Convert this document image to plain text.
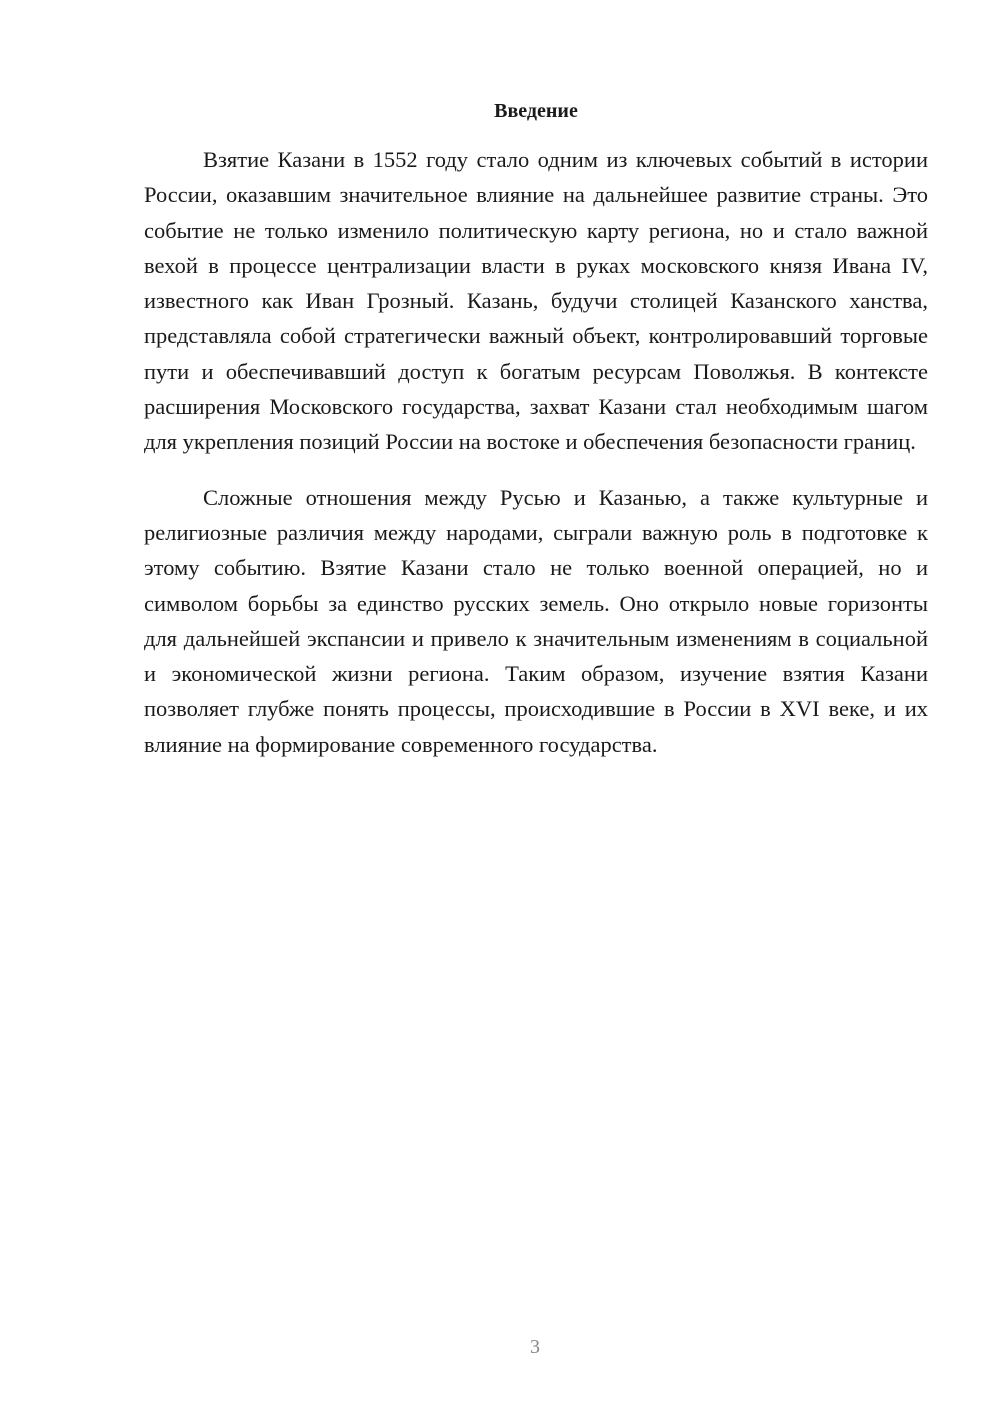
Введение

Взятие Казани в 1552 году стало одним из ключевых событий в истории России, оказавшим значительное влияние на дальнейшее развитие страны. Это событие не только изменило политическую карту региона, но и стало важной вехой в процессе централизации власти в руках московского князя Ивана IV, известного как Иван Грозный. Казань, будучи столицей Казанского ханства, представляла собой стратегически важный объект, контролировавший торговые пути и обеспечивавший доступ к богатым ресурсам Поволжья. В контексте расширения Московского государства, захват Казани стал необходимым шагом для укрепления позиций России на востоке и обеспечения безопасности границ.

Сложные отношения между Русью и Казанью, а также культурные и религиозные различия между народами, сыграли важную роль в подготовке к этому событию. Взятие Казани стало не только военной операцией, но и символом борьбы за единство русских земель. Оно открыло новые горизонты для дальнейшей экспансии и привело к значительным изменениям в социальной и экономической жизни региона. Таким образом, изучение взятия Казани позволяет глубже понять процессы, происходившие в России в XVI веке, и их влияние на формирование современного государства.

3
